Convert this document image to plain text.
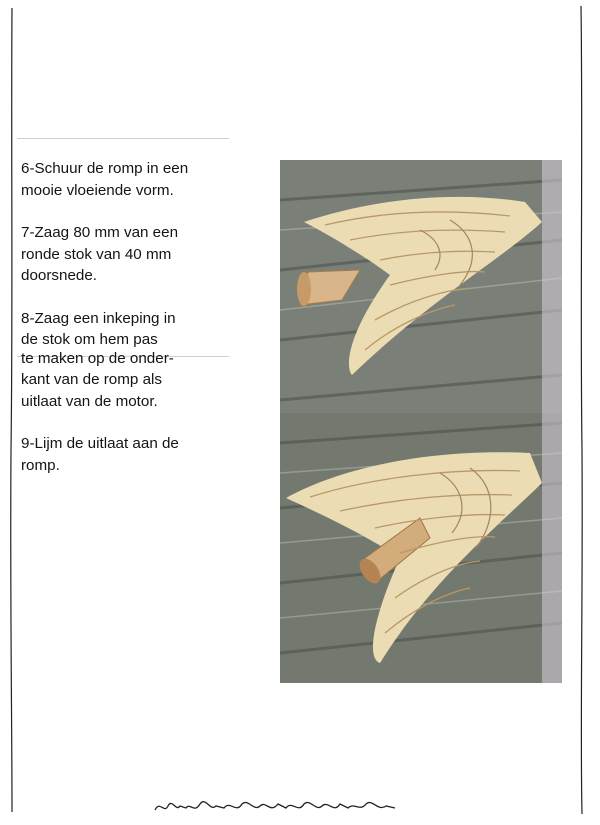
6-Schuur de romp in een
mooie vloeiende vorm.
7-Zaag 80 mm van een
ronde stok van 40 mm
doorsnede.
8-Zaag een inkeping in
de stok om hem pas
te maken op de onder-
kant van de romp als
uitlaat van de motor.
9-Lijm de uitlaat aan de
romp.
